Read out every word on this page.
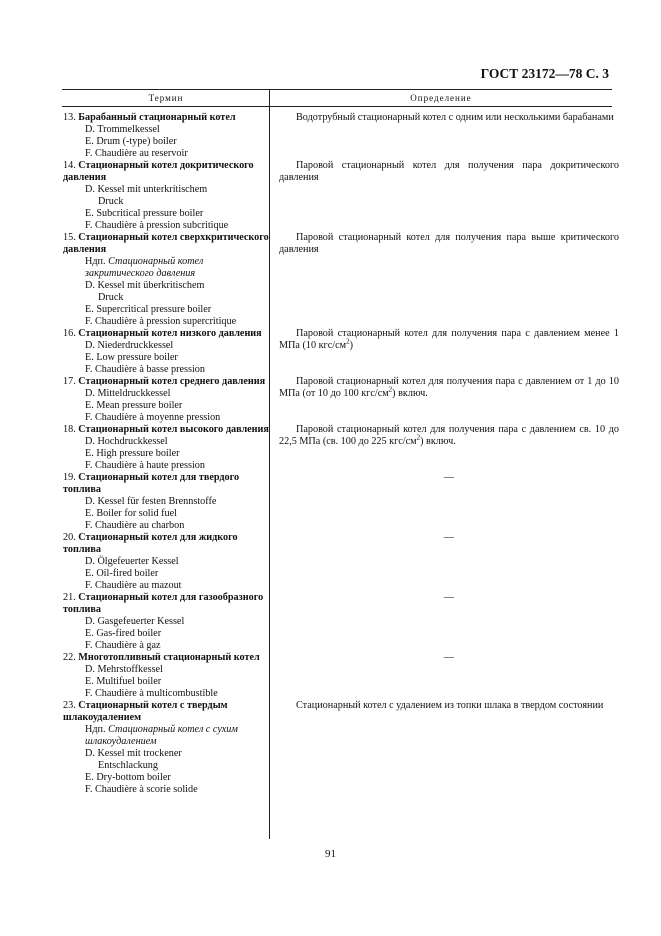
ГОСТ 23172—78 С. 3
Термин	Определение
13. Барабанный стационарный котел
D. Trommelkessel
E. Drum (-type) boiler
F. Chaudière au reservoir
Водотрубный стационарный котел с одним или несколькими барабанами
14. Стационарный котел докритического давления
D. Kessel mit unterkritischem
Druck
E. Subcritical pressure boiler
F. Chaudière à pression subcritique
Паровой стационарный котел для получения пара докритического давления
15. Стационарный котел сверхкритического давления
Ндп. Стационарный котел закритического давления
D. Kessel mit überkritischem
Druck
E. Supercritical pressure boiler
F. Chaudière à pression supercritique
Паровой стационарный котел для получения пара выше критического давления
16. Стационарный котел низкого давления
D. Niederdruckkessel
E. Low pressure boiler
F. Chaudière à basse pression
Паровой стационарный котел для получения пара с давлением менее 1 МПа (10 кгс/$см^2$)
17. Стационарный котел среднего давления
D. Mitteldruckkessel
E. Mean pressure boiler
F. Chaudière à moyenne pression
Паровой стационарный котел для получения пара с давлением от 1 до 10 МПа (от 10 до 100 кгс/$см^2$) включ.
18. Стационарный котел высокого давления
D. Hochdruckkessel
E. High pressure boiler
F. Chaudière à haute pression
Паровой стационарный котел для получения пара с давлением св. 10 до 22,5 МПа (св. 100 до 225 кгс/$см^2$) включ.
19. Стационарный котел для твердого топлива
D. Kessel für festen Brennstoffe
E. Boiler for solid fuel
F. Chaudière au charbon
—
20. Стационарный котел для жидкого топлива
D. Ölgefeuerter Kessel
E. Oil-fired boiler
F. Chaudière au mazout
—
21. Стационарный котел для газообразного топлива
D. Gasgefeuerter Kessel
E. Gas-fired boiler
F. Chaudière à gaz
—
22. Многотопливный стационарный котел
D. Mehrstoffkessel
E. Multifuel boiler
F. Chaudière à multicombustible
—
23. Стационарный котел с твердым шлакоудалением
Ндп. Стационарный котел с сухим шлакоудалением
D. Kessel mit trockener
Entschlackung
E. Dry-bottom boiler
F. Chaudière à scorie solide
Стационарный котел с удалением из топки шлака в твердом состоянии
91
